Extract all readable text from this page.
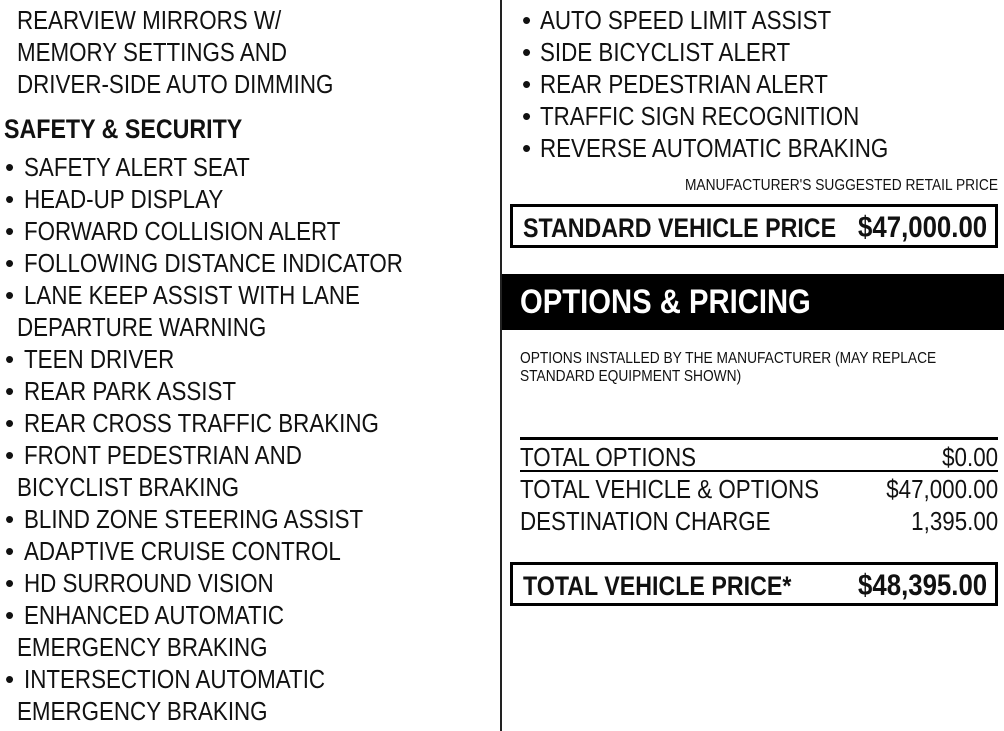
REARVIEW MIRRORS W/
MEMORY SETTINGS AND
DRIVER-SIDE AUTO DIMMING
SAFETY & SECURITY
• SAFETY ALERT SEAT
• HEAD-UP DISPLAY
• FORWARD COLLISION ALERT
• FOLLOWING DISTANCE INDICATOR
• LANE KEEP ASSIST WITH LANE
DEPARTURE WARNING
• TEEN DRIVER
• REAR PARK ASSIST
• REAR CROSS TRAFFIC BRAKING
• FRONT PEDESTRIAN AND
BICYCLIST BRAKING
• BLIND ZONE STEERING ASSIST
• ADAPTIVE CRUISE CONTROL
• HD SURROUND VISION
• ENHANCED AUTOMATIC
EMERGENCY BRAKING
• INTERSECTION AUTOMATIC
EMERGENCY BRAKING
• AUTO SPEED LIMIT ASSIST
• SIDE BICYCLIST ALERT
• REAR PEDESTRIAN ALERT
• TRAFFIC SIGN RECOGNITION
• REVERSE AUTOMATIC BRAKING
MANUFACTURER'S SUGGESTED RETAIL PRICE
STANDARD VEHICLE PRICE $47,000.00
OPTIONS & PRICING
OPTIONS INSTALLED BY THE MANUFACTURER (MAY REPLACE STANDARD EQUIPMENT SHOWN)
TOTAL OPTIONS	$0.00
TOTAL VEHICLE & OPTIONS	$47,000.00
DESTINATION CHARGE	1,395.00
TOTAL VEHICLE PRICE*	$48,395.00
